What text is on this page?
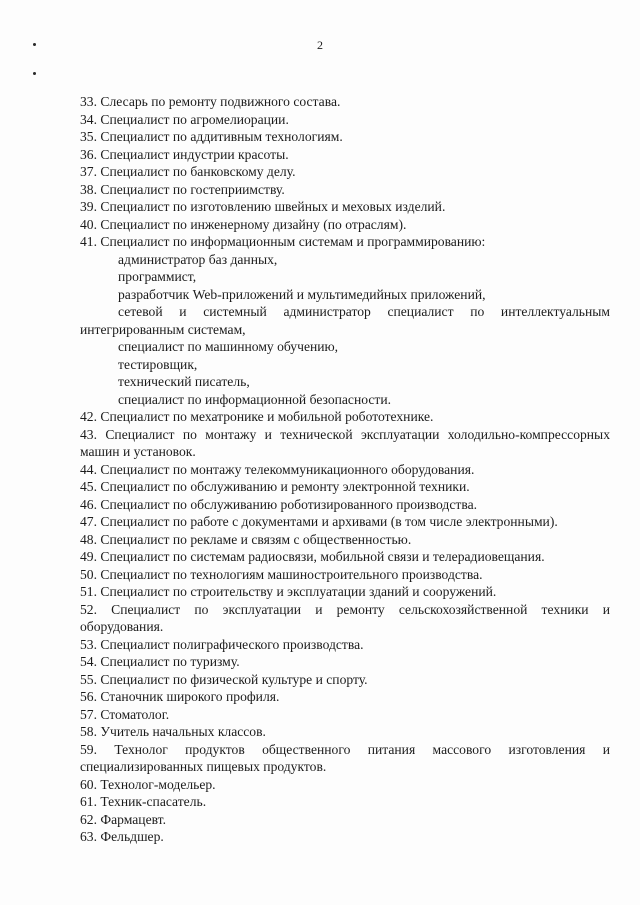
2
33. Слесарь по ремонту подвижного состава.
34. Специалист по агромелиорации.
35. Специалист по аддитивным технологиям.
36. Специалист индустрии красоты.
37. Специалист по банковскому делу.
38. Специалист по гостеприимству.
39. Специалист по изготовлению швейных и меховых изделий.
40. Специалист по инженерному дизайну (по отраслям).
41. Специалист по информационным системам и программированию:
администратор баз данных,
программист,
разработчик Web-приложений и мультимедийных приложений,
сетевой и системный администратор специалист по интеллектуальным интегрированным системам,
специалист по машинному обучению,
тестировщик,
технический писатель,
специалист по информационной безопасности.
42. Специалист по мехатронике и мобильной робототехнике.
43. Специалист по монтажу и технической эксплуатации холодильно-компрессорных машин и установок.
44. Специалист по монтажу телекоммуникационного оборудования.
45. Специалист по обслуживанию и ремонту электронной техники.
46. Специалист по обслуживанию роботизированного производства.
47. Специалист по работе с документами и архивами (в том числе электронными).
48. Специалист по рекламе и связям с общественностью.
49. Специалист по системам радиосвязи, мобильной связи и телерадиовещания.
50. Специалист по технологиям машиностроительного производства.
51. Специалист по строительству и эксплуатации зданий и сооружений.
52. Специалист по эксплуатации и ремонту сельскохозяйственной техники и оборудования.
53. Специалист полиграфического производства.
54. Специалист по туризму.
55. Специалист по физической культуре и спорту.
56. Станочник широкого профиля.
57. Стоматолог.
58. Учитель начальных классов.
59. Технолог продуктов общественного питания массового изготовления и специализированных пищевых продуктов.
60. Технолог-модельер.
61. Техник-спасатель.
62. Фармацевт.
63. Фельдшер.
